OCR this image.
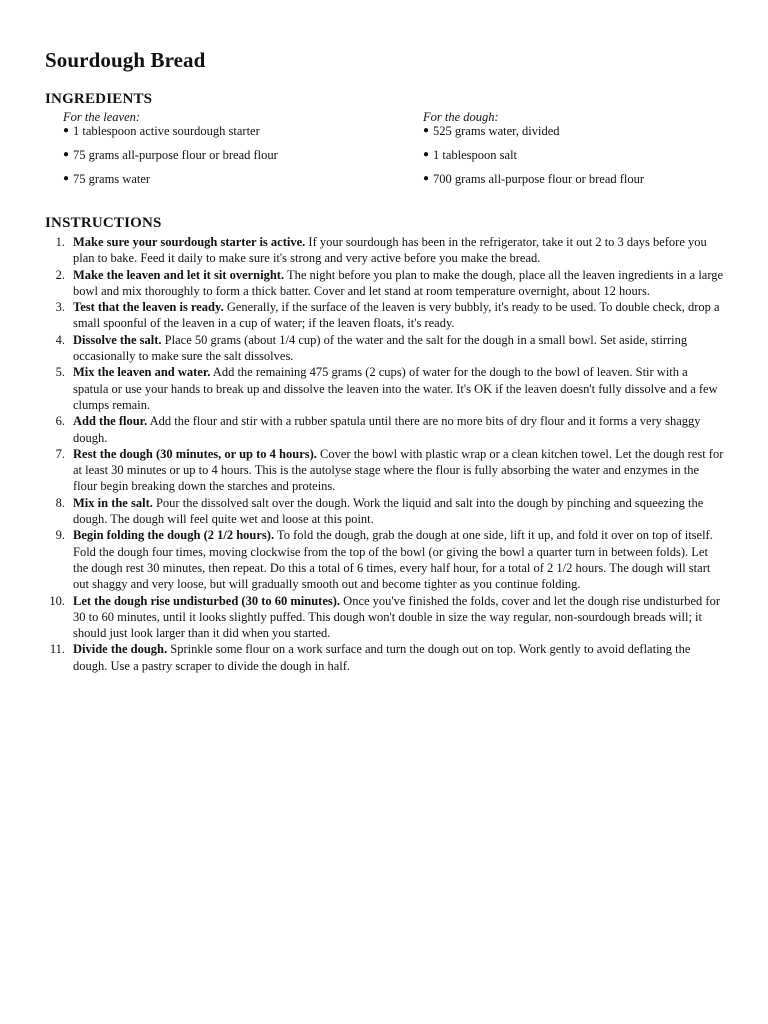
Sourdough Bread
INGREDIENTS
For the leaven:
● 1 tablespoon active sourdough starter
● 75 grams all-purpose flour or bread flour
● 75 grams water
For the dough:
● 525 grams water, divided
● 1 tablespoon salt
● 700 grams all-purpose flour or bread flour
INSTRUCTIONS
1. Make sure your sourdough starter is active. If your sourdough has been in the refrigerator, take it out 2 to 3 days before you plan to bake. Feed it daily to make sure it's strong and very active before you make the bread.
2. Make the leaven and let it sit overnight. The night before you plan to make the dough, place all the leaven ingredients in a large bowl and mix thoroughly to form a thick batter. Cover and let stand at room temperature overnight, about 12 hours.
3. Test that the leaven is ready. Generally, if the surface of the leaven is very bubbly, it's ready to be used. To double check, drop a small spoonful of the leaven in a cup of water; if the leaven floats, it's ready.
4. Dissolve the salt. Place 50 grams (about 1/4 cup) of the water and the salt for the dough in a small bowl. Set aside, stirring occasionally to make sure the salt dissolves.
5. Mix the leaven and water. Add the remaining 475 grams (2 cups) of water for the dough to the bowl of leaven. Stir with a spatula or use your hands to break up and dissolve the leaven into the water. It's OK if the leaven doesn't fully dissolve and a few clumps remain.
6. Add the flour. Add the flour and stir with a rubber spatula until there are no more bits of dry flour and it forms a very shaggy dough.
7. Rest the dough (30 minutes, or up to 4 hours). Cover the bowl with plastic wrap or a clean kitchen towel. Let the dough rest for at least 30 minutes or up to 4 hours. This is the autolyse stage where the flour is fully absorbing the water and enzymes in the flour begin breaking down the starches and proteins.
8. Mix in the salt. Pour the dissolved salt over the dough. Work the liquid and salt into the dough by pinching and squeezing the dough. The dough will feel quite wet and loose at this point.
9. Begin folding the dough (2 1/2 hours). To fold the dough, grab the dough at one side, lift it up, and fold it over on top of itself. Fold the dough four times, moving clockwise from the top of the bowl (or giving the bowl a quarter turn in between folds). Let the dough rest 30 minutes, then repeat. Do this a total of 6 times, every half hour, for a total of 2 1/2 hours. The dough will start out shaggy and very loose, but will gradually smooth out and become tighter as you continue folding.
10. Let the dough rise undisturbed (30 to 60 minutes). Once you've finished the folds, cover and let the dough rise undisturbed for 30 to 60 minutes, until it looks slightly puffed. This dough won't double in size the way regular, non-sourdough breads will; it should just look larger than it did when you started.
11. Divide the dough. Sprinkle some flour on a work surface and turn the dough out on top. Work gently to avoid deflating the dough. Use a pastry scraper to divide the dough in half.
